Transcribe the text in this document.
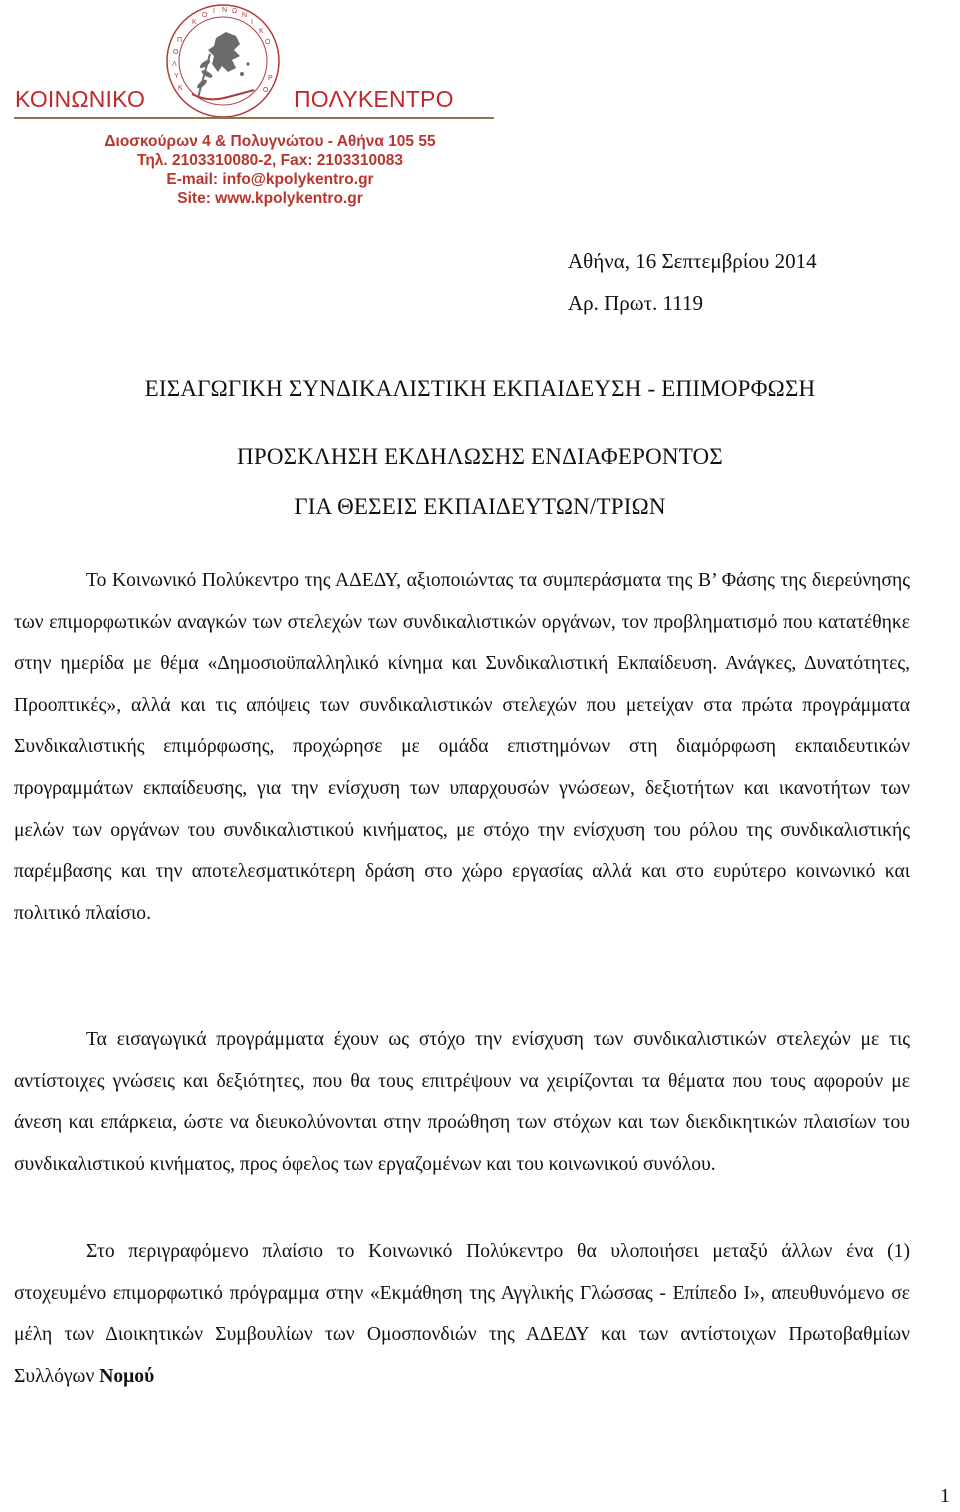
Κ
Ο
Ι Ν Ω
Ν
Ι
Κ
Ο
Π
Ο
Λ
Υ
Κ
Ρ
Ο
ΚΟΙΝΩΝΙΚΟ	ΠΟΛΥΚΕΝΤΡΟ
Διοσκούρων 4 & Πολυγνώτου - Αθήνα 105 55
Τηλ. 2103310080-2, Fax: 2103310083
E-mail: info@kpolykentro.gr
Site: www.kpolykentro.gr
Αθήνα, 16 Σεπτεμβρίου 2014
Αρ. Πρωτ. 1119
ΕΙΣΑΓΩΓΙΚΗ ΣΥΝΔΙΚΑΛΙΣΤΙΚΗ ΕΚΠΑΙΔΕΥΣΗ - ΕΠΙΜΟΡΦΩΣΗ
ΠΡΟΣΚΛΗΣΗ ΕΚΔΗΛΩΣΗΣ ΕΝΔΙΑΦΕΡΟΝΤΟΣ
ΓΙΑ ΘΕΣΕΙΣ ΕΚΠΑΙΔΕΥΤΩΝ/ΤΡΙΩΝ
Το Κοινωνικό Πολύκεντρο της ΑΔΕΔΥ, αξιοποιώντας τα συμπεράσματα της Β’ Φάσης της διερεύνησης των επιμορφωτικών αναγκών των στελεχών των συνδικαλιστικών οργάνων, τον προβληματισμό που κατατέθηκε στην ημερίδα με θέμα «Δημοσιοϋπαλληλικό κίνημα και Συνδικαλιστική Εκπαίδευση. Ανάγκες, Δυνατότητες, Προοπτικές», αλλά και τις απόψεις των συνδικαλιστικών στελεχών που μετείχαν στα πρώτα προγράμματα Συνδικαλιστικής επιμόρφωσης, προχώρησε με ομάδα επιστημόνων στη διαμόρφωση εκπαιδευτικών προγραμμάτων εκπαίδευσης, για την ενίσχυση των υπαρχουσών γνώσεων, δεξιοτήτων και ικανοτήτων των μελών των οργάνων του συνδικαλιστικού κινήματος, με στόχο την ενίσχυση του ρόλου της συνδικαλιστικής παρέμβασης και την αποτελεσματικότερη δράση στο χώρο εργασίας αλλά και στο ευρύτερο κοινωνικό και πολιτικό πλαίσιο.
Τα εισαγωγικά προγράμματα έχουν ως στόχο την ενίσχυση των συνδικαλιστικών στελεχών με τις αντίστοιχες γνώσεις και δεξιότητες, που θα τους επιτρέψουν να χειρίζονται τα θέματα που τους αφορούν με άνεση και επάρκεια, ώστε να διευκολύνονται στην προώθηση των στόχων και των διεκδικητικών πλαισίων του συνδικαλιστικού κινήματος, προς όφελος των εργαζομένων και του κοινωνικού συνόλου.
Στο περιγραφόμενο πλαίσιο το Κοινωνικό Πολύκεντρο θα υλοποιήσει μεταξύ άλλων ένα (1) στοχευμένο επιμορφωτικό πρόγραμμα στην «Εκμάθηση της Αγγλικής Γλώσσας - Επίπεδο Ι», απευθυνόμενο σε μέλη των Διοικητικών Συμβουλίων των Ομοσπονδιών της ΑΔΕΔΥ και των αντίστοιχων Πρωτοβαθμίων Συλλόγων Νομού
1
